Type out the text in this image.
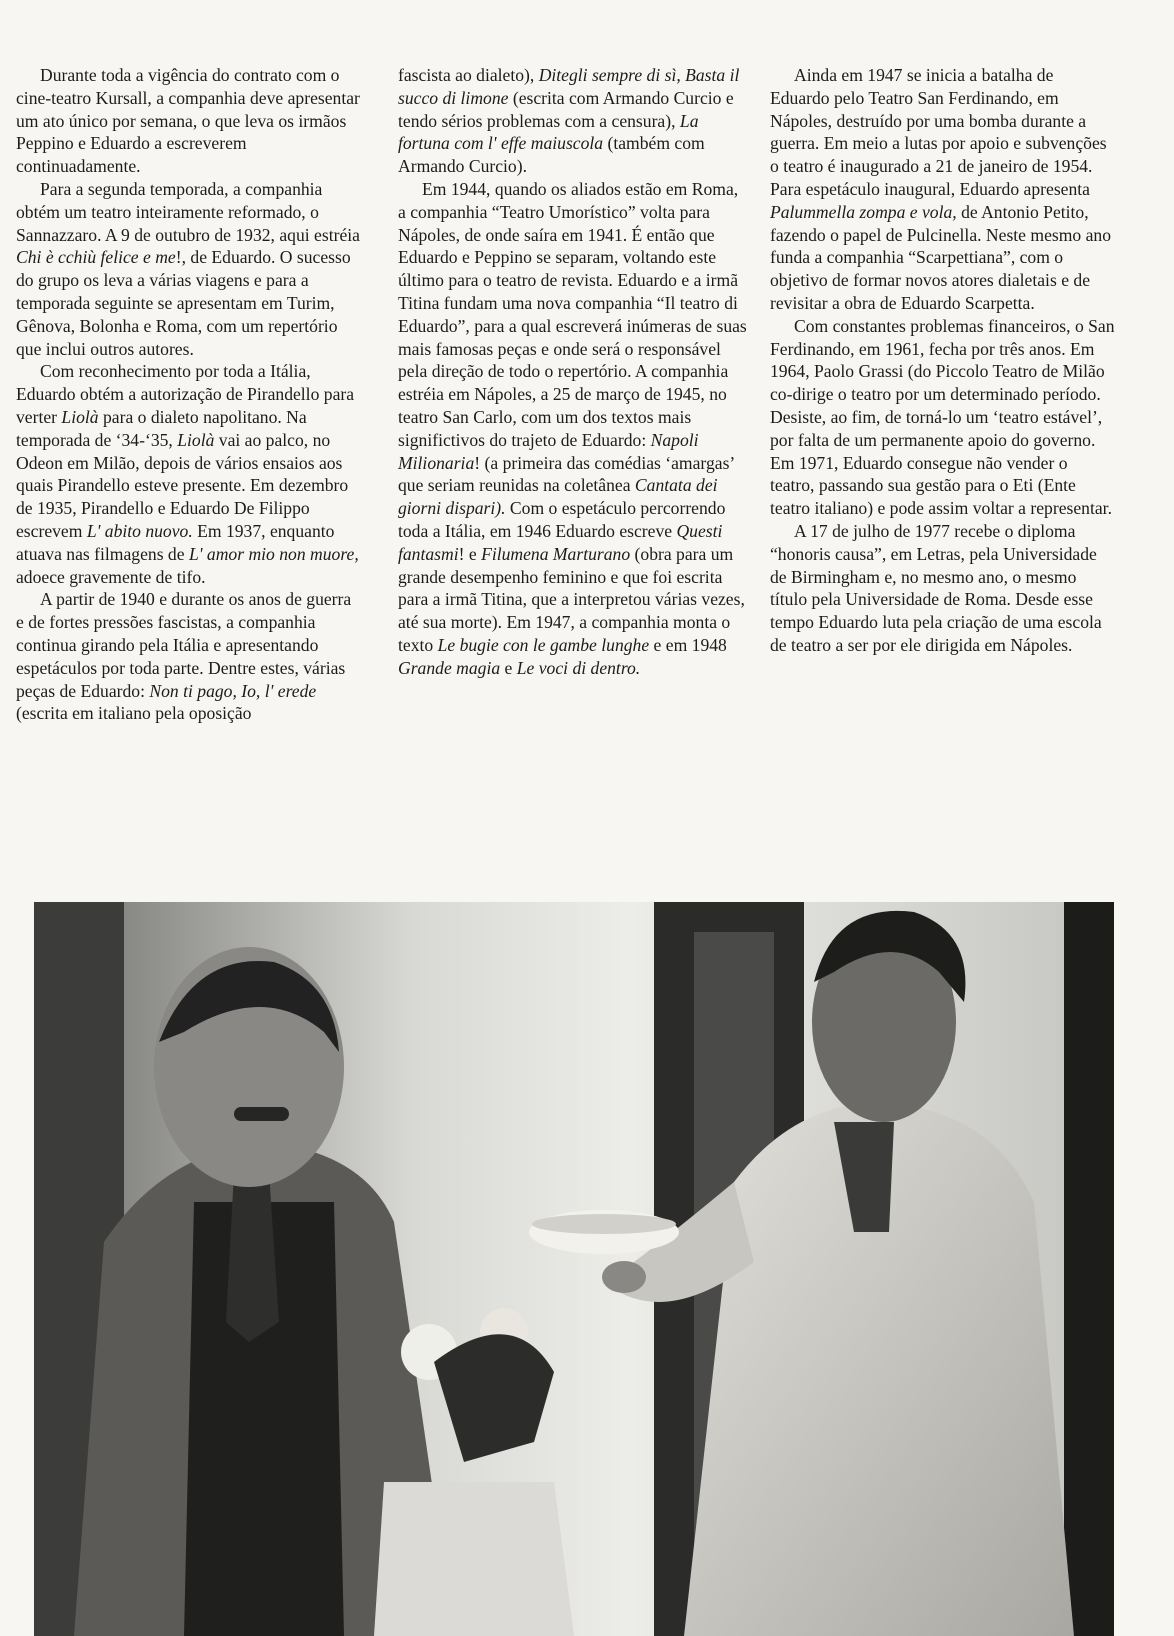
Durante toda a vigência do contrato com o cine-teatro Kursall, a companhia deve apresentar um ato único por semana, o que leva os irmãos Peppino e Eduardo a escreverem continuadamente.

Para a segunda temporada, a companhia obtém um teatro inteiramente reformado, o Sannazzaro. A 9 de outubro de 1932, aqui estréia Chi è cchiù felice e me!, de Eduardo. O sucesso do grupo os leva a várias viagens e para a temporada seguinte se apresentam em Turim, Gênova, Bolonha e Roma, com um repertório que inclui outros autores.

Com reconhecimento por toda a Itália, Eduardo obtém a autorização de Pirandello para verter Liolà para o dialeto napolitano. Na temporada de ‘34-‘35, Liolà vai ao palco, no Odeon em Milão, depois de vários ensaios aos quais Pirandello esteve presente. Em dezembro de 1935, Pirandello e Eduardo De Filippo escrevem L' abito nuovo. Em 1937, enquanto atuava nas filmagens de L' amor mio non muore, adoece gravemente de tifo.

A partir de 1940 e durante os anos de guerra e de fortes pressões fascistas, a companhia continua girando pela Itália e apresentando espetáculos por toda parte. Dentre estes, várias peças de Eduardo: Non ti pago, Io, l' erede (escrita em italiano pela oposição

fascista ao dialeto), Ditegli sempre di sì, Basta il succo di limone (escrita com Armando Curcio e tendo sérios problemas com a censura), La fortuna com l' effe maiuscola (também com Armando Curcio).

Em 1944, quando os aliados estão em Roma, a companhia “Teatro Umorístico” volta para Nápoles, de onde saíra em 1941. É então que Eduardo e Peppino se separam, voltando este último para o teatro de revista. Eduardo e a irmã Titina fundam uma nova companhia “Il teatro di Eduardo”, para a qual escreverá inúmeras de suas mais famosas peças e onde será o responsável pela direção de todo o repertório. A companhia estréia em Nápoles, a 25 de março de 1945, no teatro San Carlo, com um dos textos mais significtivos do trajeto de Eduardo: Napoli Milionaria! (a primeira das comédias ‘amargas’ que seriam reunidas na coletânea Cantata dei giorni dispari). Com o espetáculo percorrendo toda a Itália, em 1946 Eduardo escreve Questi fantasmi! e Filumena Marturano (obra para um grande desempenho feminino e que foi escrita para a irmã Titina, que a interpretou várias vezes, até sua morte). Em 1947, a companhia monta o texto Le bugie con le gambe lunghe e em 1948 Grande magia e Le voci di dentro.

Ainda em 1947 se inicia a batalha de Eduardo pelo Teatro San Ferdinando, em Nápoles, destruído por uma bomba durante a guerra. Em meio a lutas por apoio e subvenções o teatro é inaugurado a 21 de janeiro de 1954. Para espetáculo inaugural, Eduardo apresenta Palummella zompa e vola, de Antonio Petito, fazendo o papel de Pulcinella. Neste mesmo ano funda a companhia “Scarpettiana”, com o objetivo de formar novos atores dialetais e de revisitar a obra de Eduardo Scarpetta.

Com constantes problemas financeiros, o San Ferdinando, em 1961, fecha por três anos. Em 1964, Paolo Grassi (do Piccolo Teatro de Milão co-dirige o teatro por um determinado período. Desiste, ao fim, de torná-lo um ‘teatro estável’, por falta de um permanente apoio do governo. Em 1971, Eduardo consegue não vender o teatro, passando sua gestão para o Eti (Ente teatro italiano) e pode assim voltar a representar.

A 17 de julho de 1977 recebe o diploma “honoris causa”, em Letras, pela Universidade de Birmingham e, no mesmo ano, o mesmo título pela Universidade de Roma. Desde esse tempo Eduardo luta pela criação de uma escola de teatro a ser por ele dirigida em Nápoles.
